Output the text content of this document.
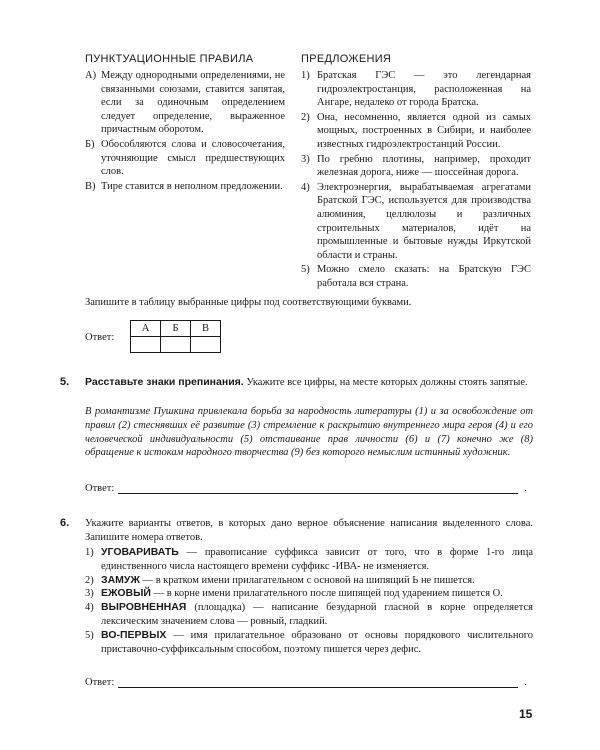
ПУНКТУАЦИОННЫЕ ПРАВИЛА	ПРЕДЛОЖЕНИЯ
А) Между однородными определениями, не связанными союзами, ставится запятая, если за одиночным определением следует определение, выраженное причастным оборотом.
Б) Обособляются слова и словосочетания, уточняющие смысл предшествующих слов.
В) Тире ставится в неполном предложении.
1) Братская ГЭС — это легендарная гидроэлектростанция, расположенная на Ангаре, недалеко от города Братска.
2) Она, несомненно, является одной из самых мощных, построенных в Сибири, и наиболее известных гидроэлектростанций России.
3) По гребню плотины, например, проходит железная дорога, ниже — шоссейная дорога.
4) Электроэнергия, вырабатываемая агрегатами Братской ГЭС, используется для производства алюминия, целлюлозы и различных строительных материалов, идёт на промышленные и бытовые нужды Иркутской области и страны.
5) Можно смело сказать: на Братскую ГЭС работала вся страна.
Запишите в таблицу выбранные цифры под соответствующими буквами.
Ответ:
А	Б	В

5. Расставьте знаки препинания. Укажите все цифры, на месте которых должны стоять запятые.
В романтизме Пушкина привлекала борьба за народность литературы (1) и за освобождение от правил (2) стеснявших её развитие (3) стремление к раскрытию внутреннего мира героя (4) и его человеческой индивидуальности (5) отстаивание прав личности (6) и (7) конечно же (8) обращение к истокам народного творчества (9) без которого немыслим истинный художник.
Ответ:	.
6. Укажите варианты ответов, в которых дано верное объяснение написания выделенного слова. Запишите номера ответов.
1) УГОВАРИВАТЬ — правописание суффикса зависит от того, что в форме 1-го лица единственного числа настоящего времени суффикс -ИВА- не изменяется.
2) ЗАМУЖ — в кратком имени прилагательном с основой на шипящий Ь не пишется.
3) ЕЖОВЫЙ — в корне имени прилагательного после шипящей под ударением пишется О.
4) ВЫРОВНЕННАЯ (площадка) — написание безударной гласной в корне определяется лексическим значением слова — ровный, гладкий.
5) ВО-ПЕРВЫХ — имя прилагательное образовано от основы порядкового числительного приставочно-суффиксальным способом, поэтому пишется через дефис.
Ответ:	.
15
